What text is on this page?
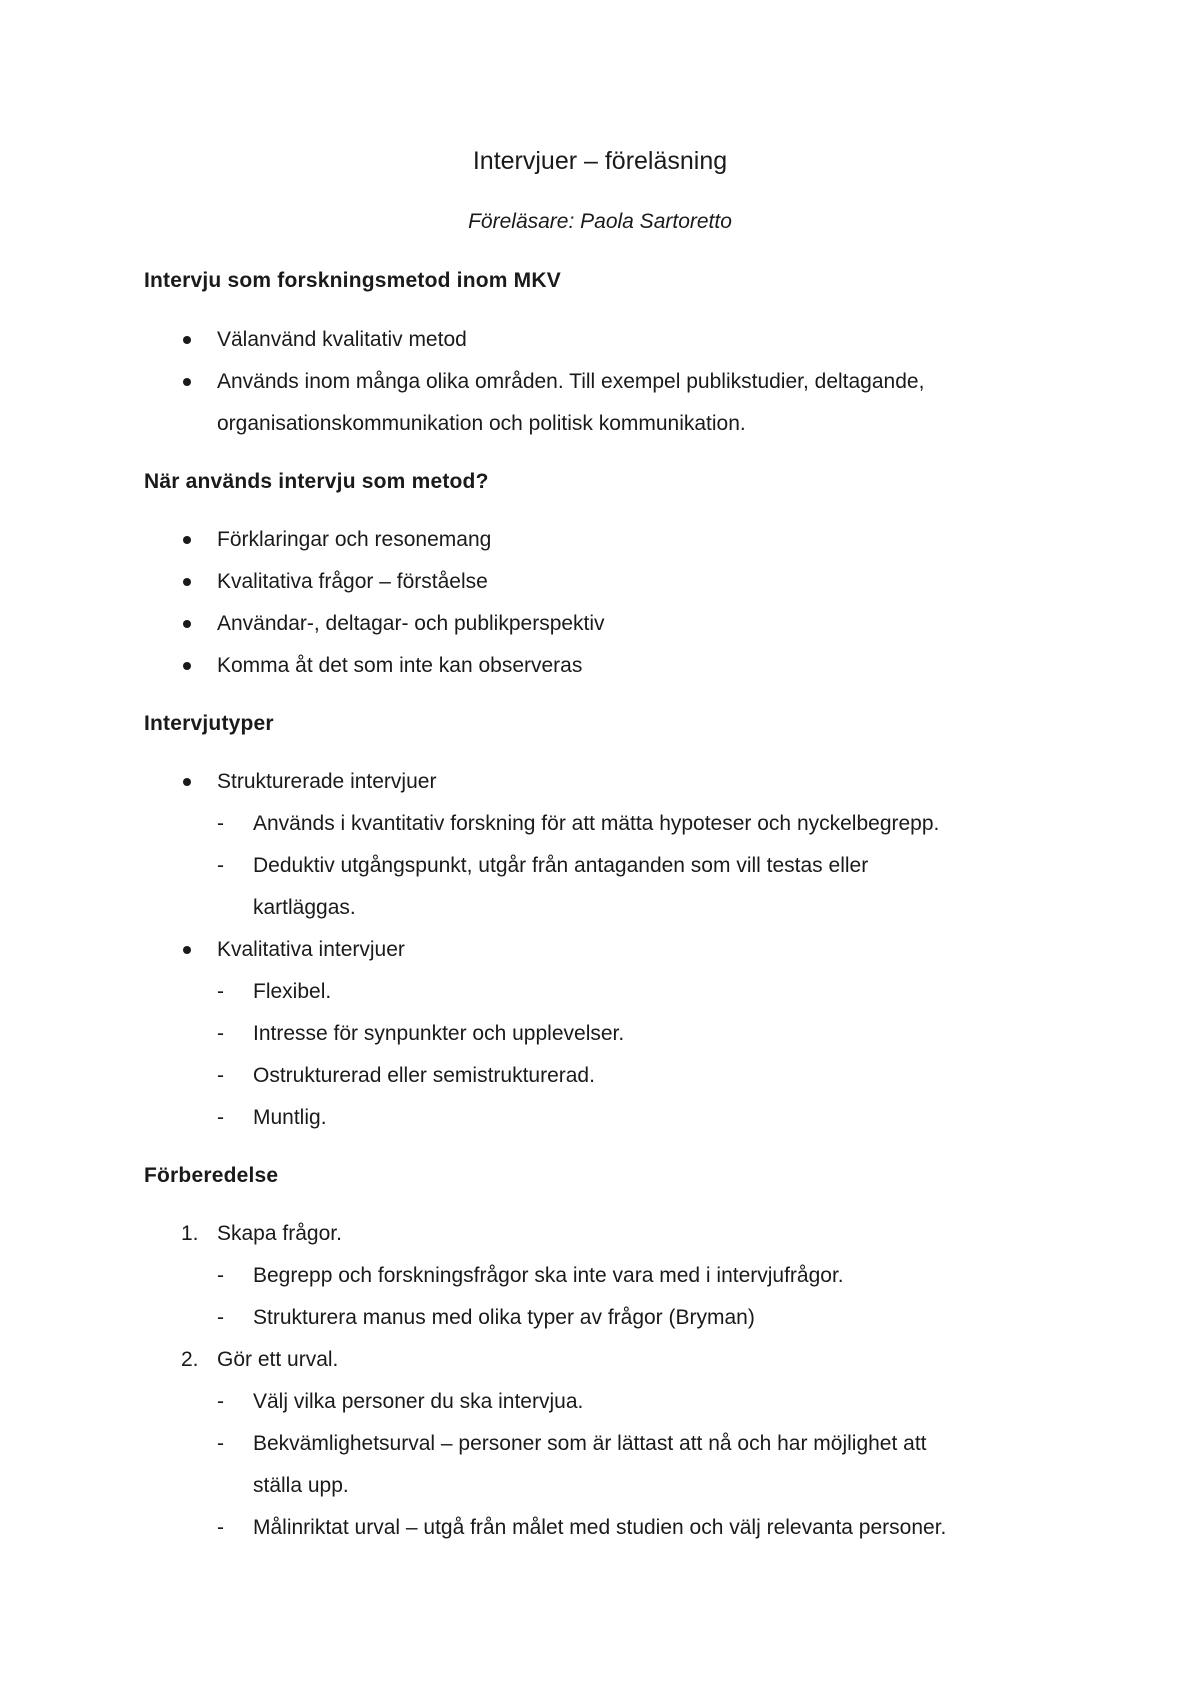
Intervjuer – föreläsning

Föreläsare: Paola Sartoretto

Intervju som forskningsmetod inom MKV
Välanvänd kvalitativ metod
Används inom många olika områden. Till exempel publikstudier, deltagande,
organisationskommunikation och politisk kommunikation.
När används intervju som metod?
Förklaringar och resonemang
Kvalitativa frågor – förståelse
Användar-, deltagar- och publikperspektiv
Komma åt det som inte kan observeras
Intervjutyper
Strukturerade intervjuer
- Används i kvantitativ forskning för att mätta hypoteser och nyckelbegrepp.
- Deduktiv utgångspunkt, utgår från antaganden som vill testas eller
kartläggas.
Kvalitativa intervjuer
- Flexibel.
- Intresse för synpunkter och upplevelser.
- Ostrukturerad eller semistrukturerad.
- Muntlig.
Förberedelse
1. Skapa frågor.
- Begrepp och forskningsfrågor ska inte vara med i intervjufrågor.
- Strukturera manus med olika typer av frågor (Bryman)
2. Gör ett urval.
- Välj vilka personer du ska intervjua.
- Bekvämlighetsurval – personer som är lättast att nå och har möjlighet att
ställa upp.
- Målinriktat urval – utgå från målet med studien och välj relevanta personer.
